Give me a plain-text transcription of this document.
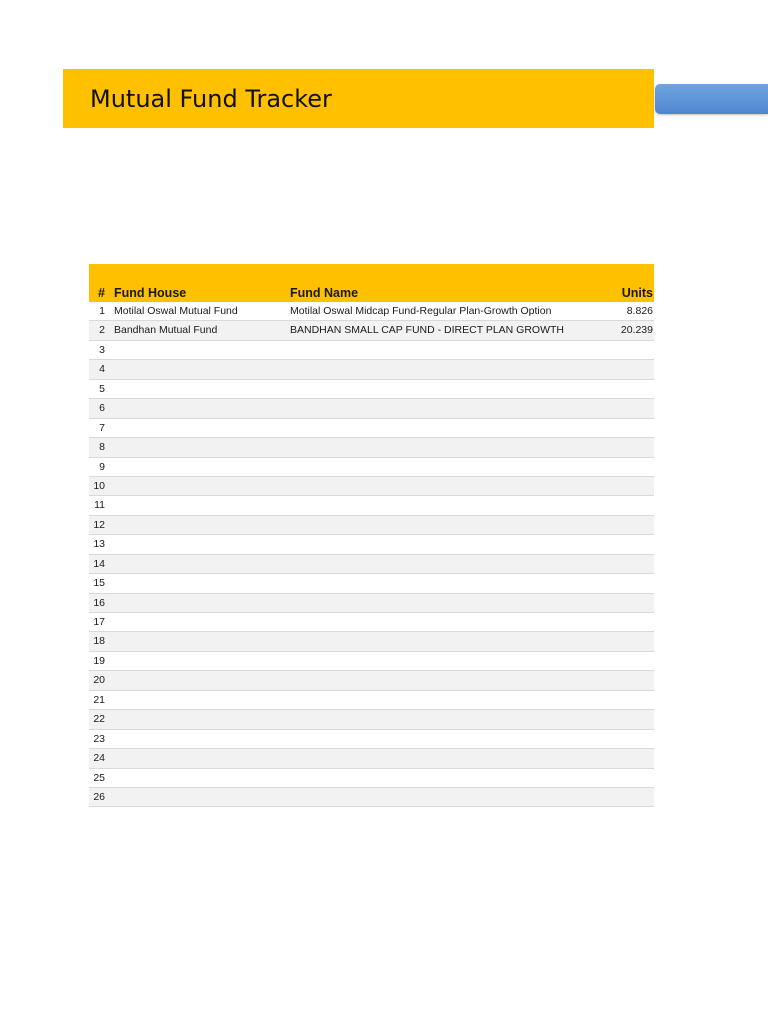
Mutual Fund Tracker
# Fund House	Fund Name	Units
1 Motilal Oswal Mutual Fund	Motilal Oswal Midcap Fund-Regular Plan-Growth Option	8.826
2 Bandhan Mutual Fund	BANDHAN SMALL CAP FUND - DIRECT PLAN GROWTH	20.239
3
4
5
6
7
8
9
10
11
12
13
14
15
16
17
18
19
20
21
22
23
24
25
26
